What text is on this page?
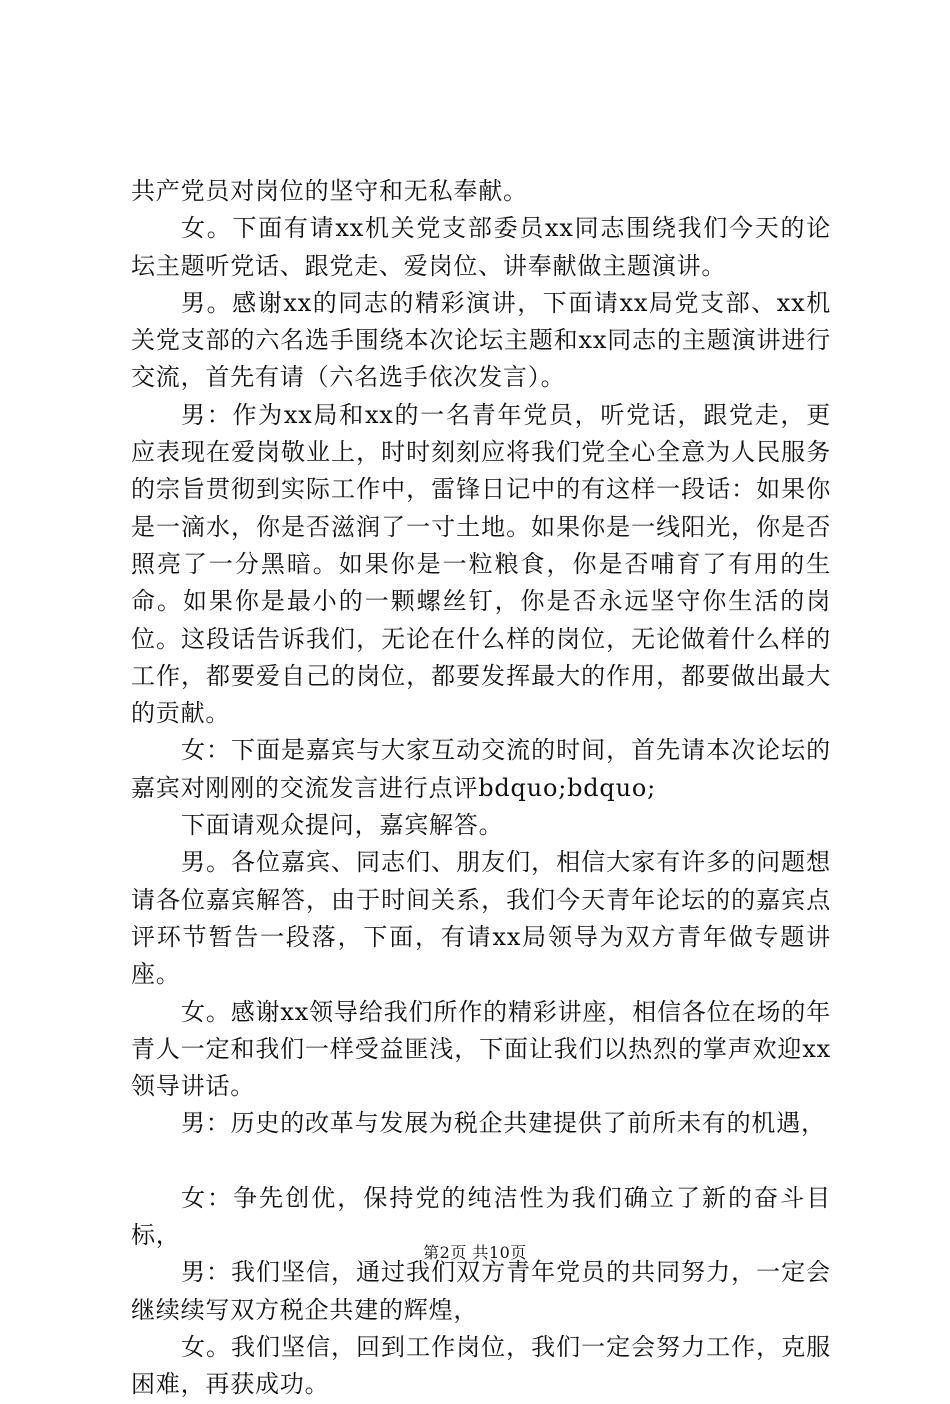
共产党员对岗位的坚守和无私奉献。

女。下面有请xx机关党支部委员xx同志围绕我们今天的论坛主题听党话、跟党走、爱岗位、讲奉献做主题演讲。

男。感谢xx的同志的精彩演讲，下面请xx局党支部、xx机关党支部的六名选手围绕本次论坛主题和xx同志的主题演讲进行交流，首先有请（六名选手依次发言）。

男：作为xx局和xx的一名青年党员，听党话，跟党走，更应表现在爱岗敬业上，时时刻刻应将我们党全心全意为人民服务的宗旨贯彻到实际工作中，雷锋日记中的有这样一段话：如果你是一滴水，你是否滋润了一寸土地。如果你是一线阳光，你是否照亮了一分黑暗。如果你是一粒粮食，你是否哺育了有用的生命。如果你是最小的一颗螺丝钉，你是否永远坚守你生活的岗位。这段话告诉我们，无论在什么样的岗位，无论做着什么样的工作，都要爱自己的岗位，都要发挥最大的作用，都要做出最大的贡献。

女：下面是嘉宾与大家互动交流的时间，首先请本次论坛的嘉宾对刚刚的交流发言进行点评bdquo;bdquo;

下面请观众提问，嘉宾解答。

男。各位嘉宾、同志们、朋友们，相信大家有许多的问题想请各位嘉宾解答，由于时间关系，我们今天青年论坛的的嘉宾点评环节暂告一段落，下面，有请xx局领导为双方青年做专题讲座。

女。感谢xx领导给我们所作的精彩讲座，相信各位在场的年青人一定和我们一样受益匪浅，下面让我们以热烈的掌声欢迎xx领导讲话。

男：历史的改革与发展为税企共建提供了前所未有的机遇，

女：争先创优，保持党的纯洁性为我们确立了新的奋斗目标，

男：我们坚信，通过我们双方青年党员的共同努力，一定会继续续写双方税企共建的辉煌，

女。我们坚信，回到工作岗位，我们一定会努力工作，克服困难，再获成功。

第2页 共10页
